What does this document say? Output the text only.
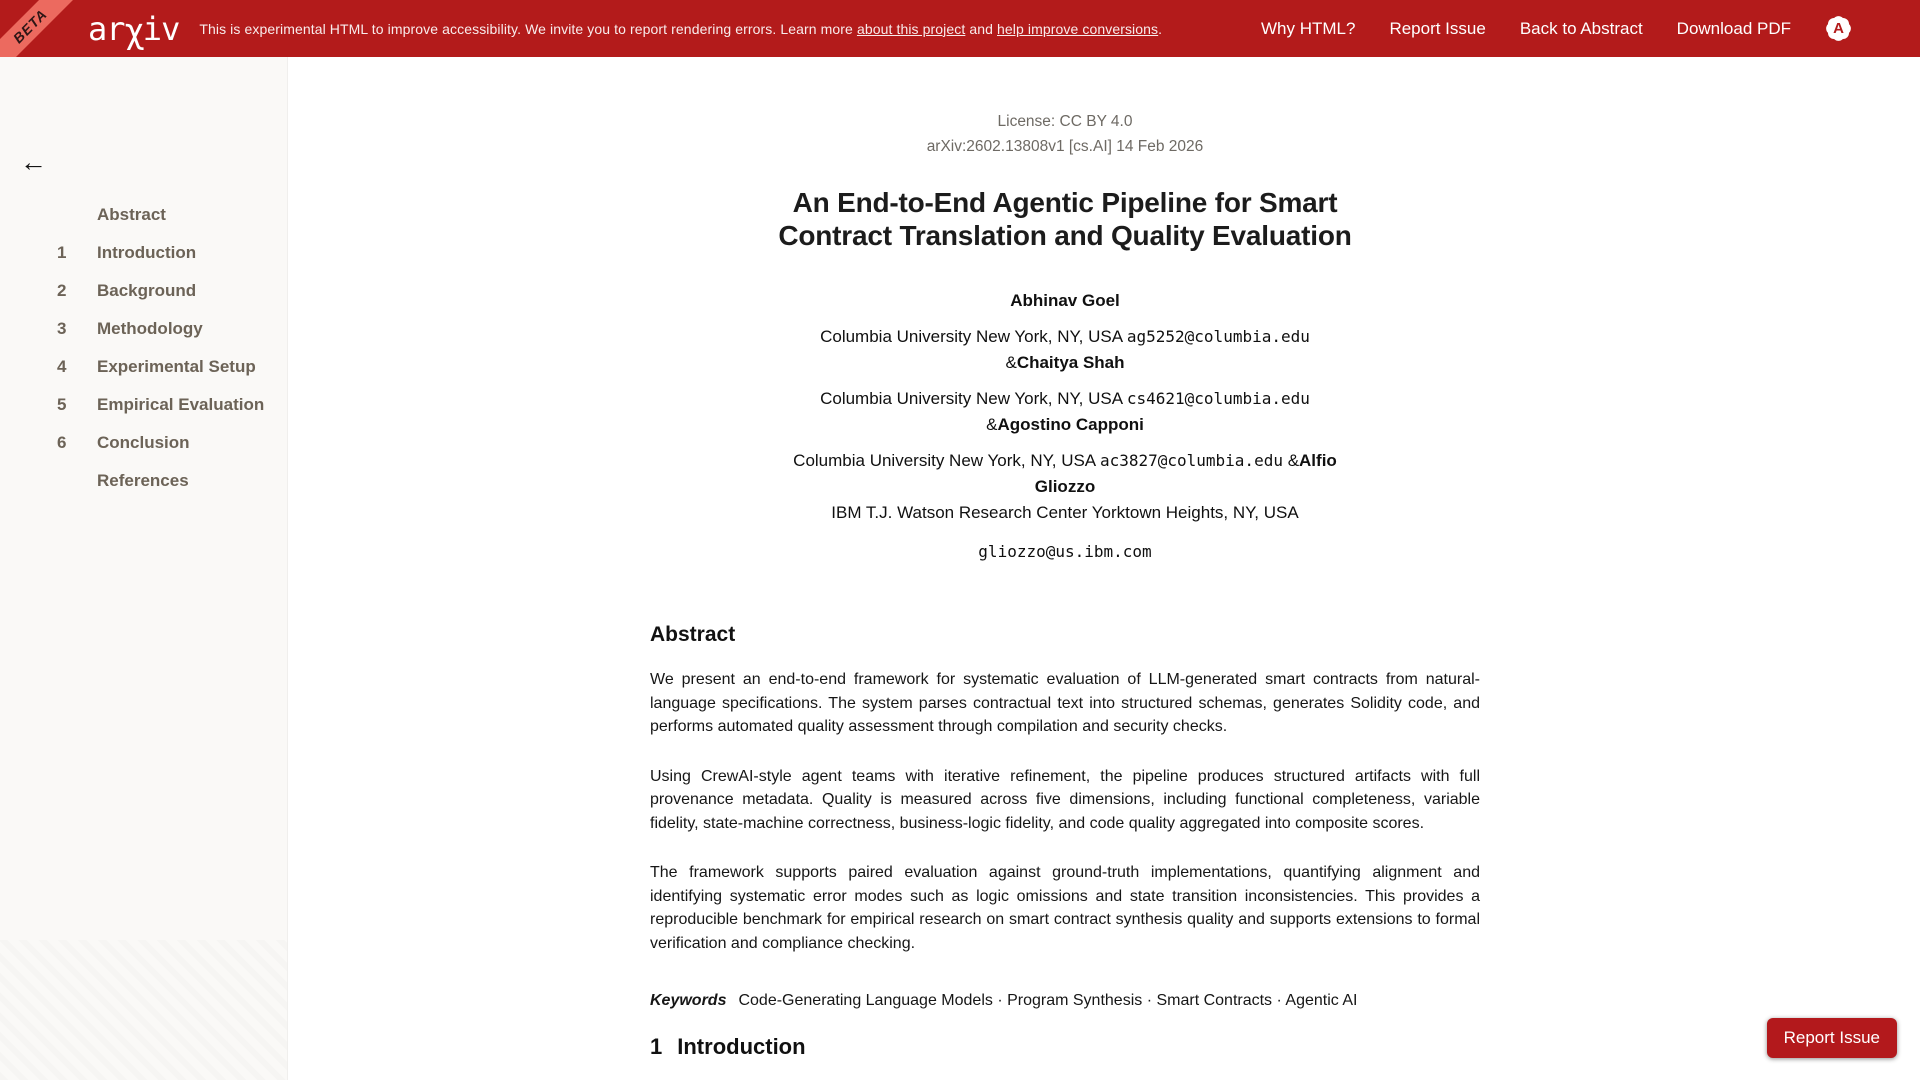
BETA	arχiv This is experimental HTML to improve accessibility. We invite you to report rendering errors. Learn more about this project and help improve conversions.	Why HTML? Report Issue Back to Abstract Download PDF	A
←
Abstract
1	Introduction
2	Background
3	Methodology
4	Experimental Setup
5	Empirical Evaluation
6	Conclusion
References
License: CC BY 4.0
arXiv:2602.13808v1 [cs.AI] 14 Feb 2026
An End-to-End Agentic Pipeline for Smart
Contract Translation and Quality Evaluation
Abhinav Goel
Columbia University New York, NY, USA ag5252@columbia.edu
&Chaitya Shah
Columbia University New York, NY, USA cs4621@columbia.edu
&Agostino Capponi
Columbia University New York, NY, USA ac3827@columbia.edu &Alfio
Gliozzo
IBM T.J. Watson Research Center Yorktown Heights, NY, USA
gliozzo@us.ibm.com
Abstract

We present an end-to-end framework for systematic evaluation of LLM-generated smart contracts from natural-language specifications. The system parses contractual text into structured schemas, generates Solidity code, and performs automated quality assessment through compilation and security checks.

Using CrewAI-style agent teams with iterative refinement, the pipeline produces structured artifacts with full provenance metadata. Quality is measured across five dimensions, including functional completeness, variable fidelity, state-machine correctness, business-logic fidelity, and code quality aggregated into composite scores.

The framework supports paired evaluation against ground-truth implementations, quantifying alignment and identifying systematic error modes such as logic omissions and state transition inconsistencies. This provides a reproducible benchmark for empirical research on smart contract synthesis quality and supports extensions to formal verification and compliance checking.

Keywords Code-Generating Language Models · Program Synthesis · Smart Contracts · Agentic AI
1 Introduction	Report Issue
